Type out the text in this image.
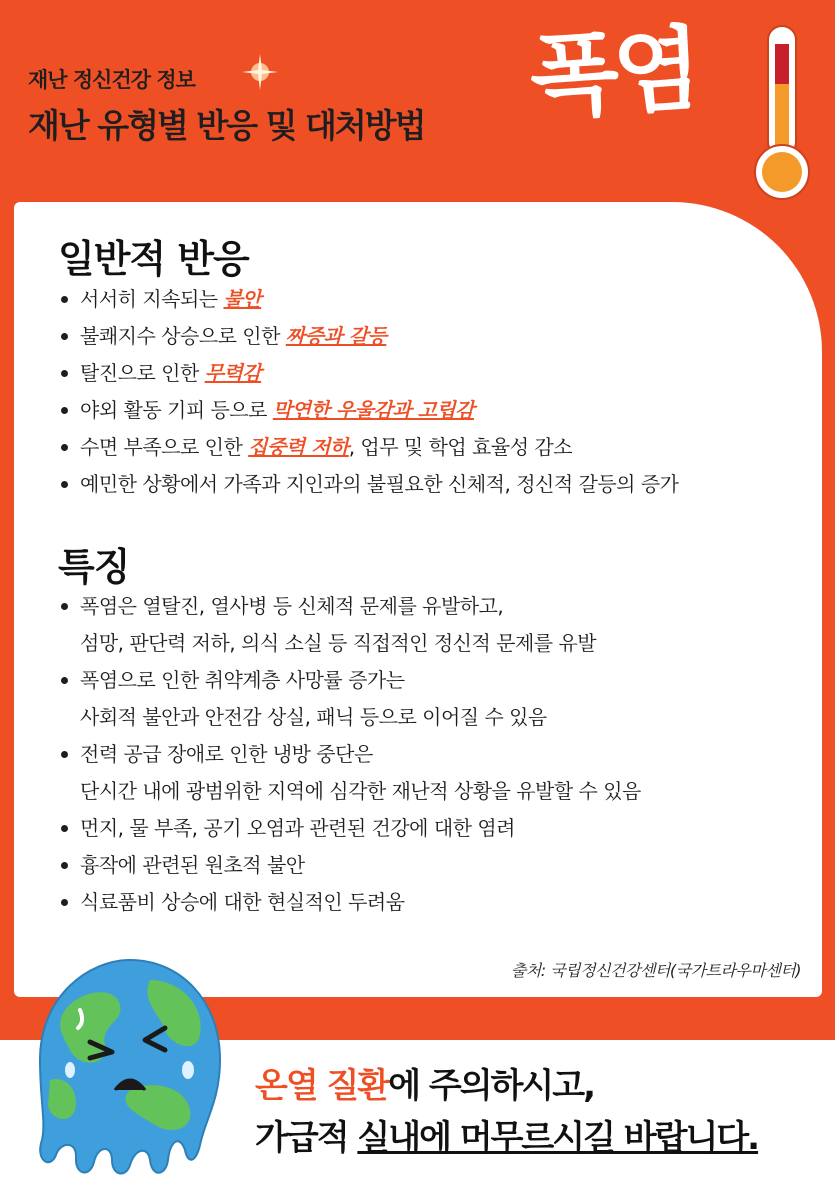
재난 정신건강 정보
재난 유형별 반응 및 대처방법 폭염
일반적 반응
서서히 지속되는 불안
불쾌지수 상승으로 인한 짜증과 갈등
탈진으로 인한 무력감
야외 활동 기피 등으로 막연한 우울감과 고립감
수면 부족으로 인한 집중력 저하, 업무 및 학업 효율성 감소
예민한 상황에서 가족과 지인과의 불필요한 신체적, 정신적 갈등의 증가
특징
폭염은 열탈진, 열사병 등 신체적 문제를 유발하고,
섬망, 판단력 저하, 의식 소실 등 직접적인 정신적 문제를 유발
폭염으로 인한 취약계층 사망률 증가는
사회적 불안과 안전감 상실, 패닉 등으로 이어질 수 있음
전력 공급 장애로 인한 냉방 중단은
단시간 내에 광범위한 지역에 심각한 재난적 상황을 유발할 수 있음
먼지, 물 부족, 공기 오염과 관련된 건강에 대한 염려
흉작에 관련된 원초적 불안
식료품비 상승에 대한 현실적인 두려움
출처: 국립정신건강센터(국가트라우마센터)
온열 질환에 주의하시고,
가급적 실내에 머무르시길 바랍니다.
